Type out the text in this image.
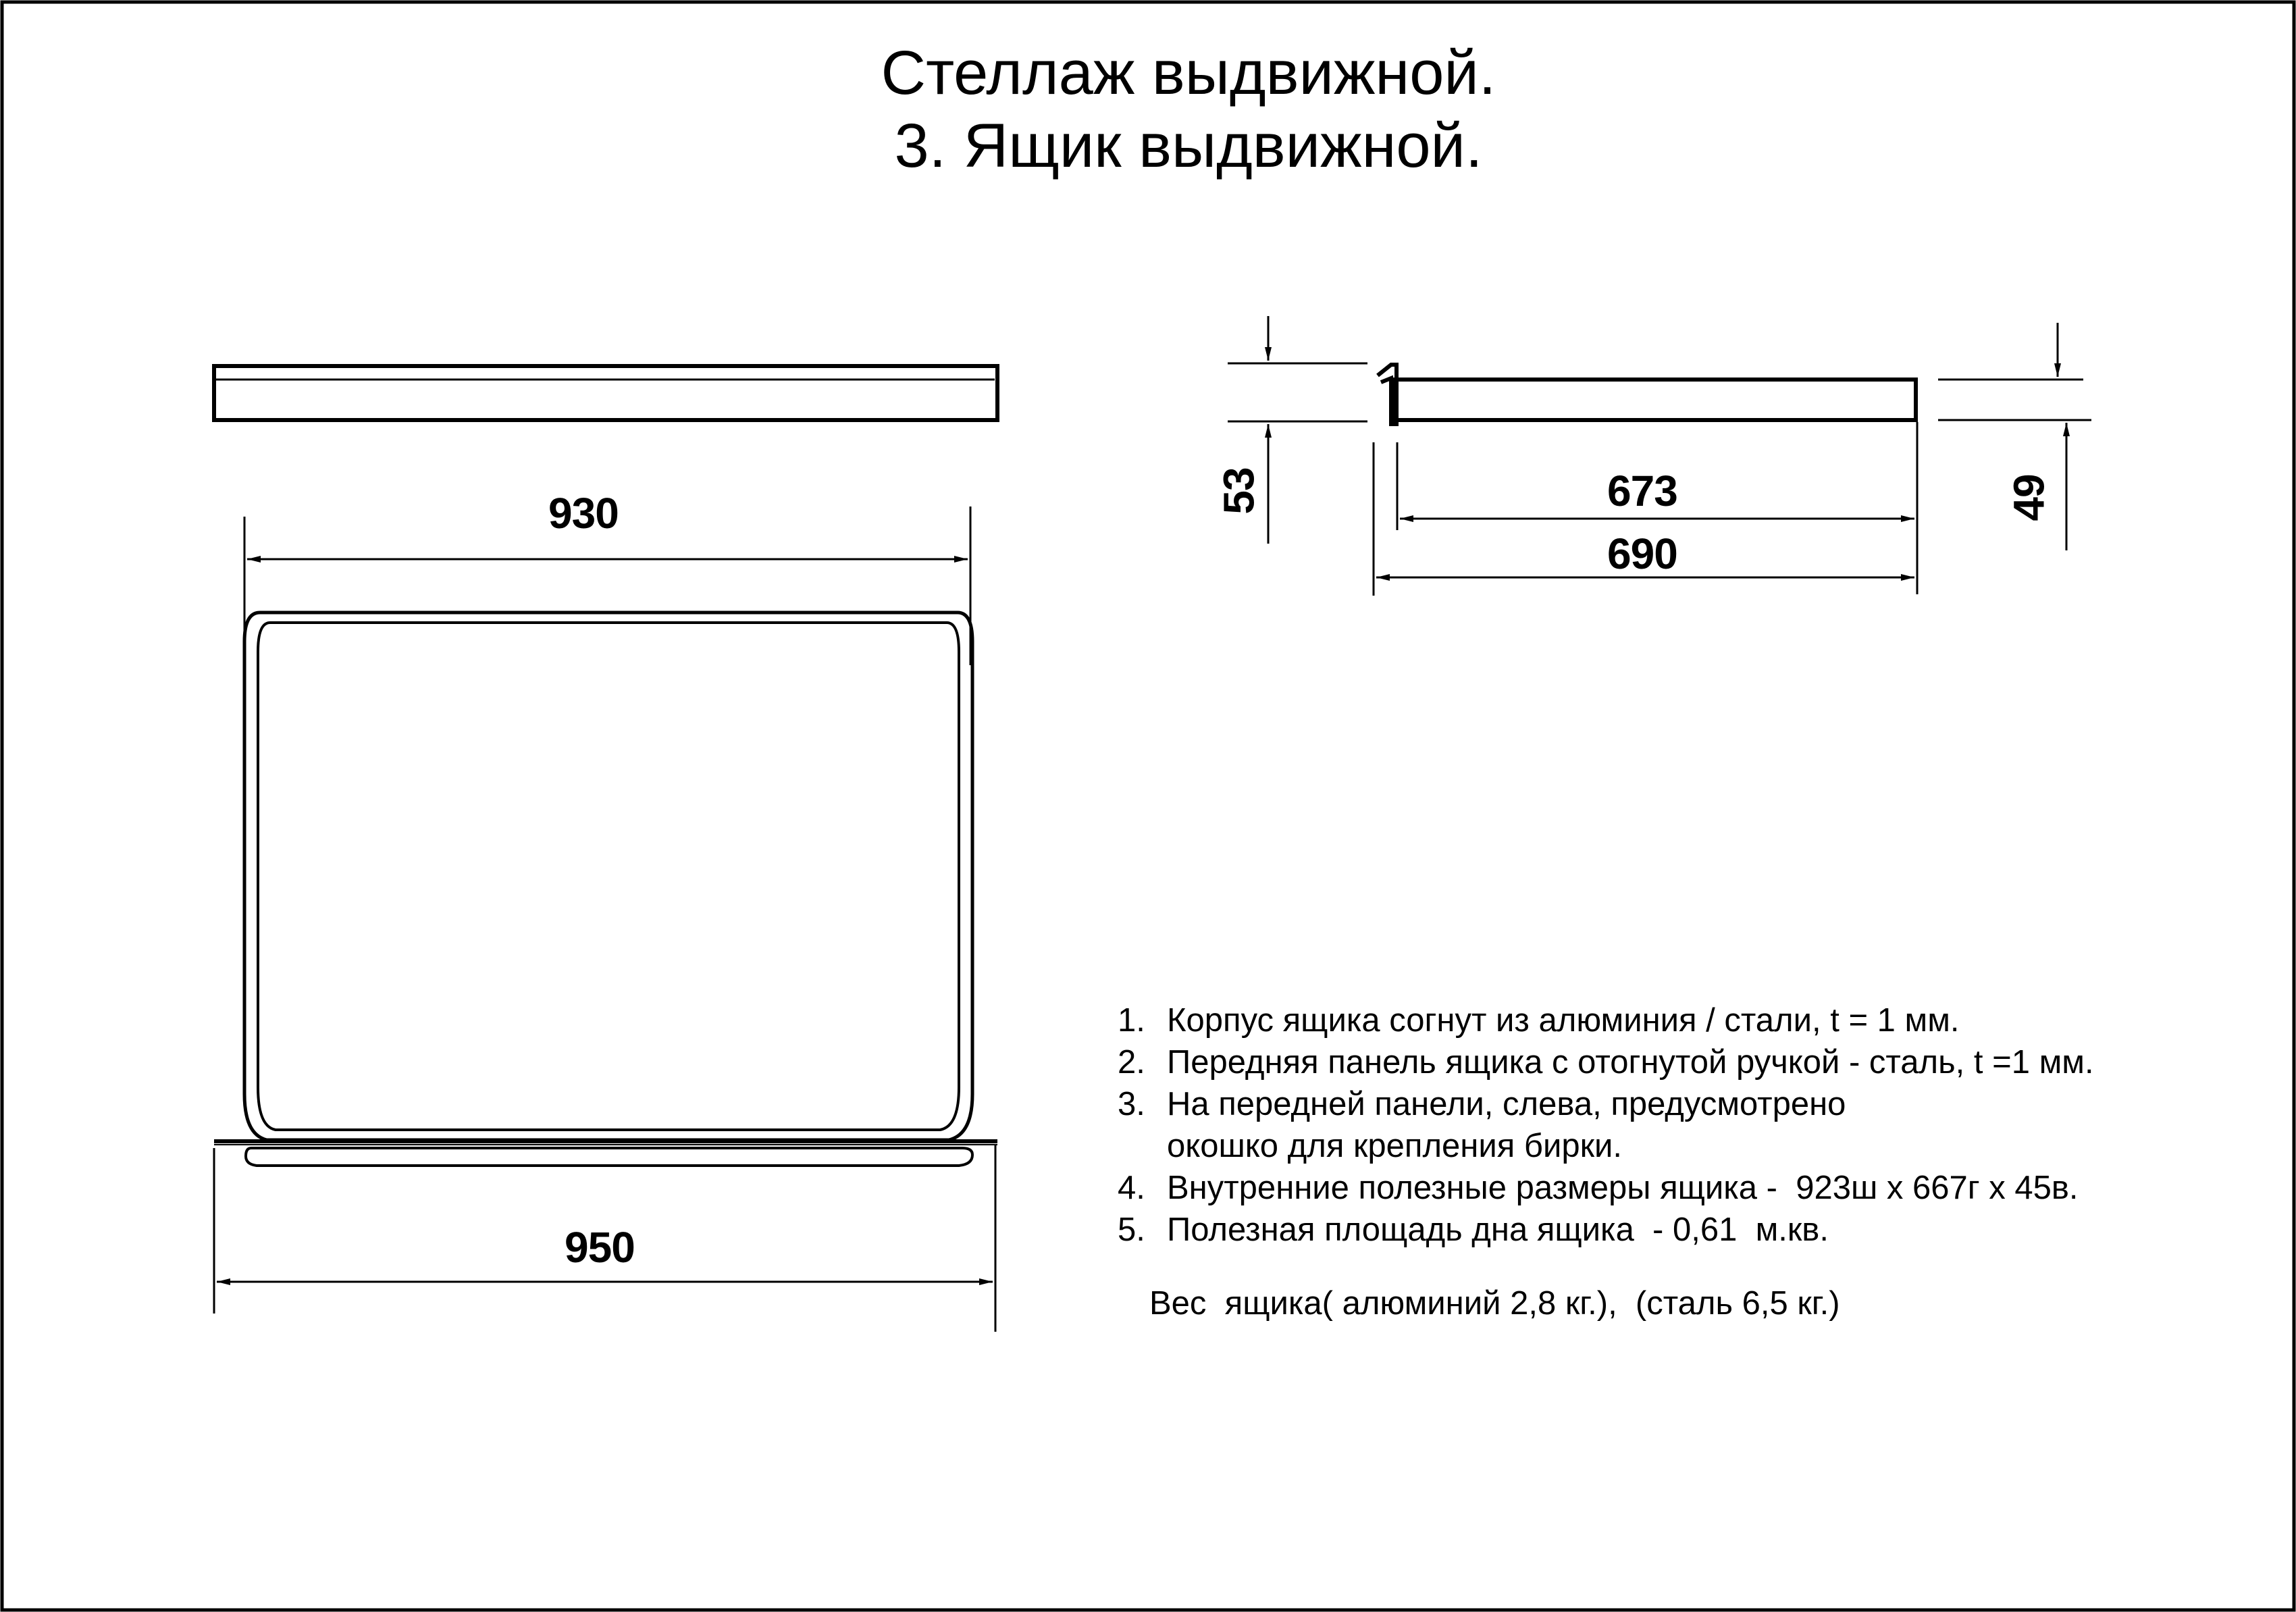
Стеллаж выдвижной.
3. Ящик выдвижной.
930
950
53	49
673
690
1. Корпус ящика согнут из алюминия / стали, t = 1 мм.
2. Передняя панель ящика с отогнутой ручкой - сталь, t =1 мм.
3. На передней панели, слева, предусмотрено
окошко для крепления бирки.
4. Внутренние полезные размеры ящика -  923ш х 667г х 45в.
5. Полезная площадь дна ящика  - 0,61  м.кв.
Вес  ящика( алюминий 2,8 кг.),  (сталь 6,5 кг.)
